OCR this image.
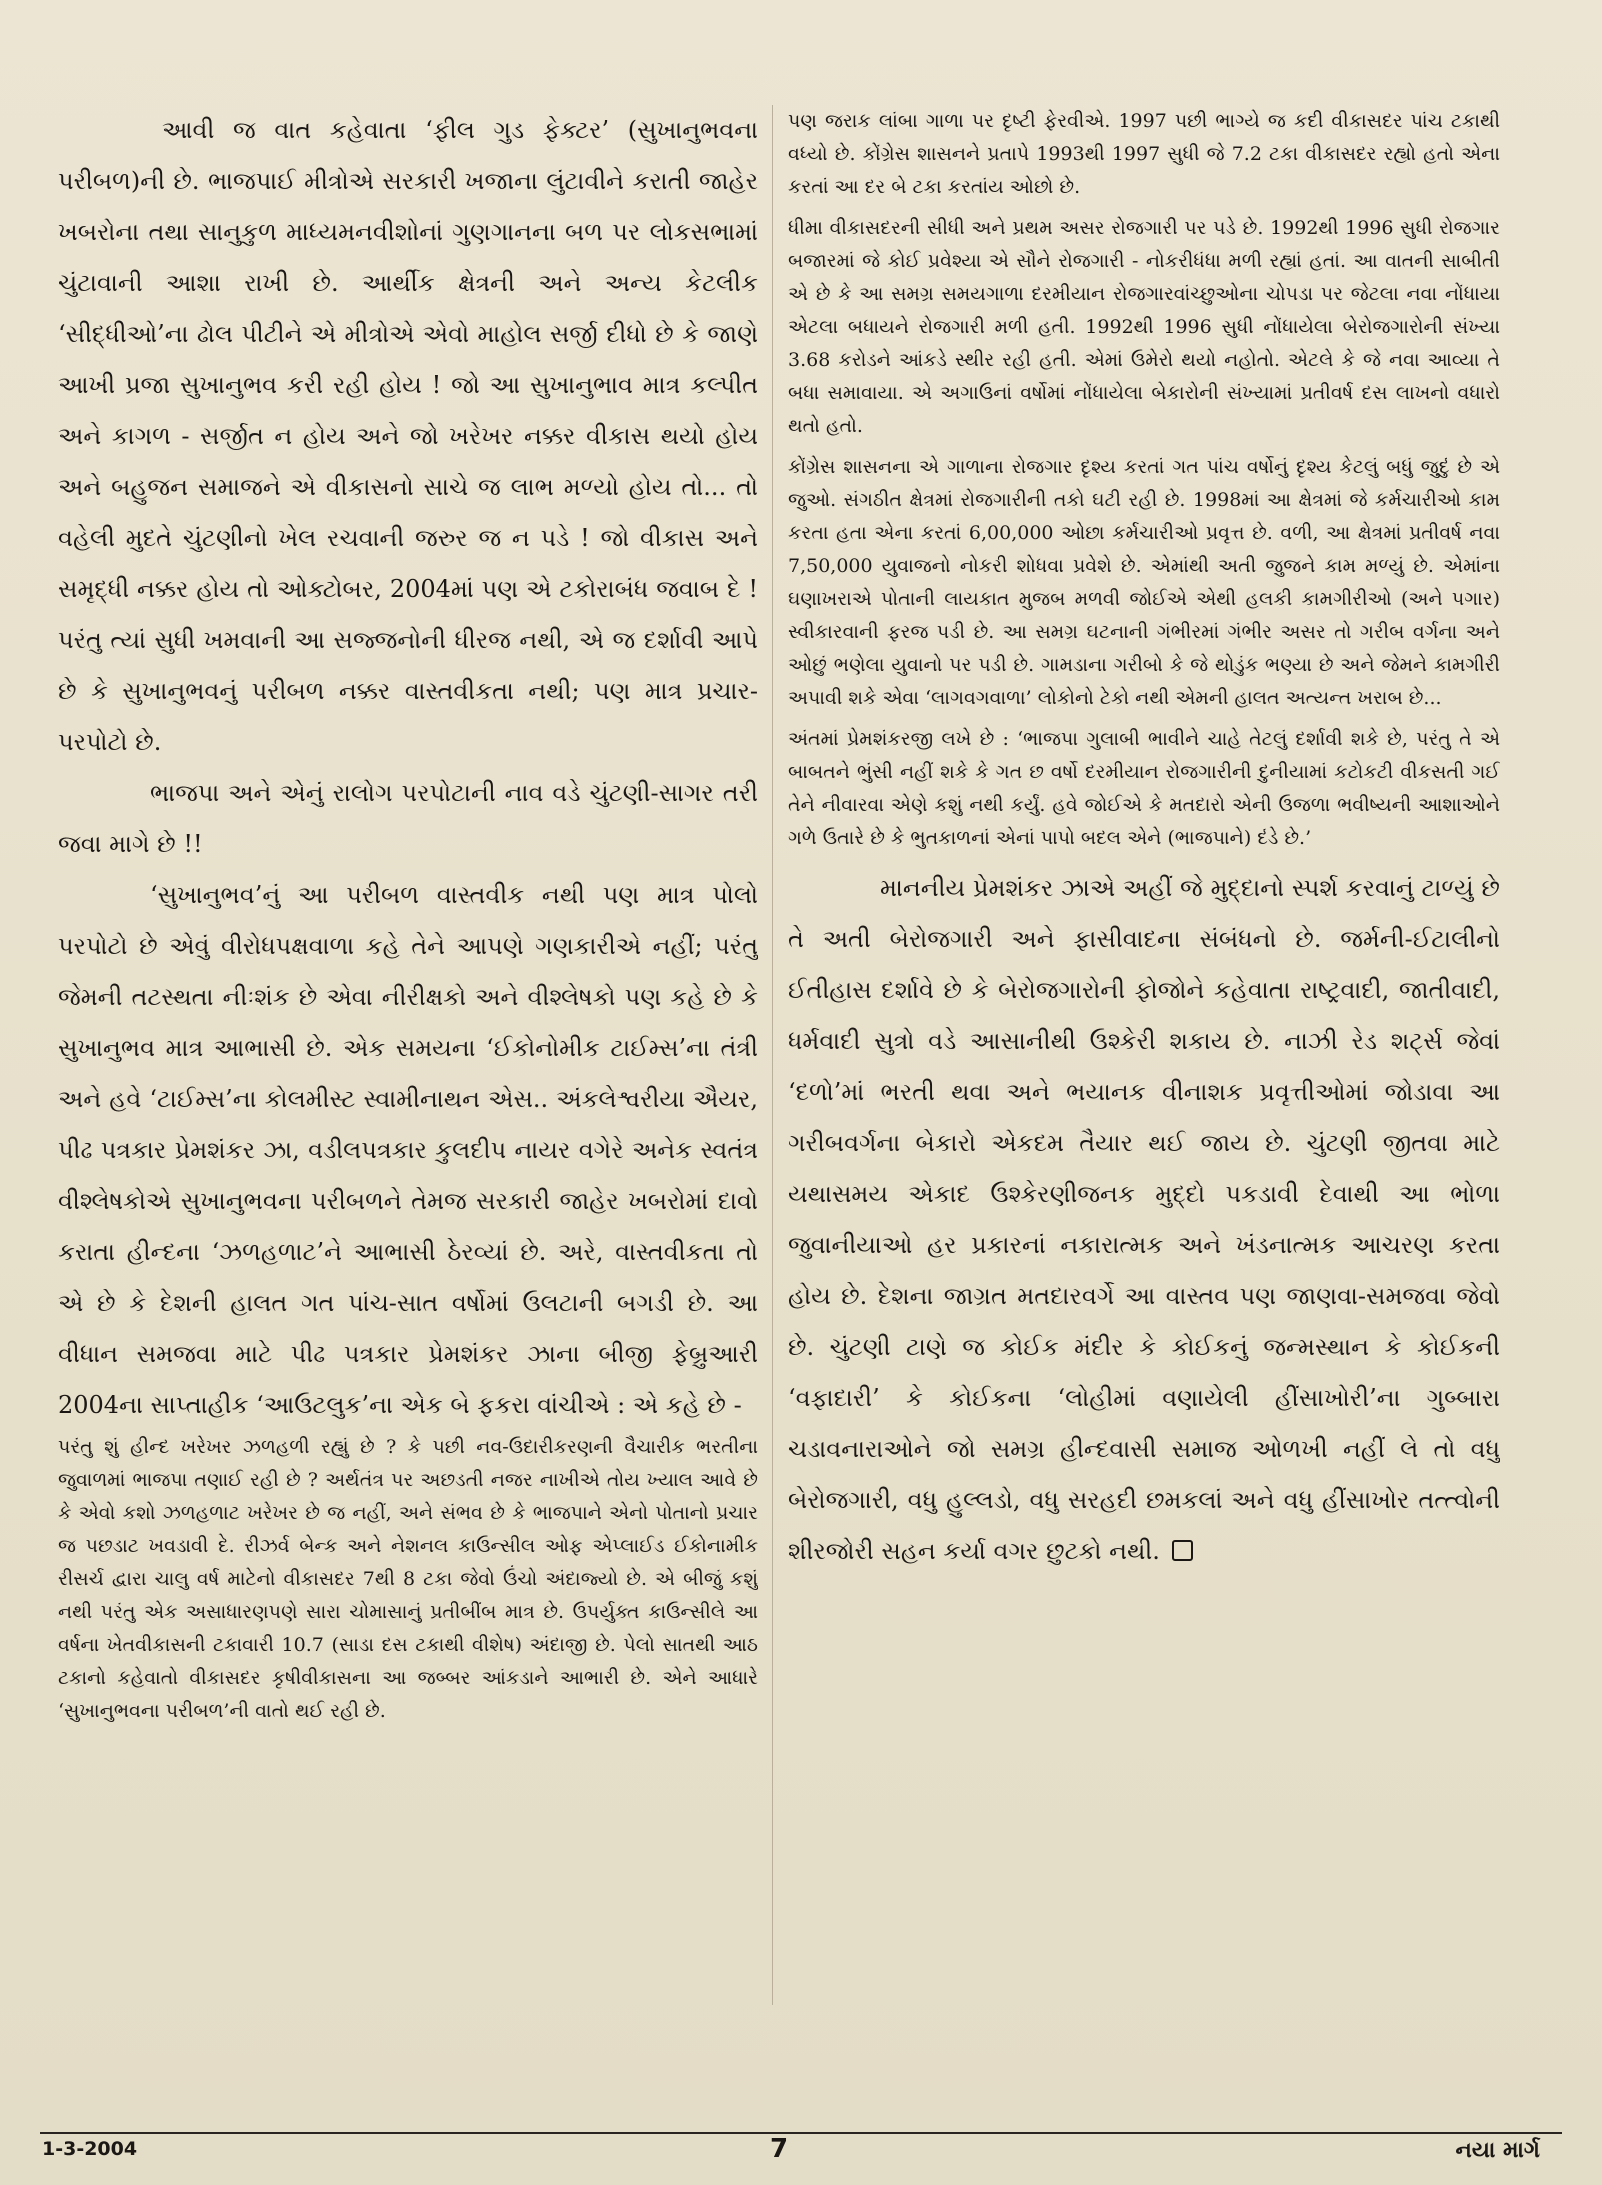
આવી જ વાત કહેવાતા ‘ફીલ ગુડ ફેક્ટર’ (સુખાનુભવના પરીબળ)ની છે. ભાજપાઈ મીત્રોએ સરકારી ખજાના લુંટાવીને કરાતી જાહેર ખબરોના તથા સાનુકુળ માધ્યમનવીશોનાં ગુણગાનના બળ પર લોકસભામાં ચુંટાવાની આશા રાખી છે. આર્થીક ક્ષેત્રની અને અન્ય કેટલીક ‘સીદ્ધીઓ’ના ઢોલ પીટીને એ મીત્રોએ એવો માહોલ સર્જી દીધો છે કે જાણે આખી પ્રજા સુખાનુભવ કરી રહી હોય ! જો આ સુખાનુભાવ માત્ર કલ્પીત અને કાગળ - સર્જીત ન હોય અને જો ખરેખર નક્કર વીકાસ થયો હોય અને બહુજન સમાજને એ વીકાસનો સાચે જ લાભ મળ્યો હોય તો... તો વહેલી મુદતે ચુંટણીનો ખેલ રચવાની જરુર જ ન પડે ! જો વીકાસ અને સમૃદ્ધી નક્કર હોય તો ઓક્ટોબર, 2004માં પણ એ ટકોરાબંધ જવાબ દે ! પરંતુ ત્યાં સુધી ખમવાની આ સજ્જનોની ધીરજ નથી, એ જ દર્શાવી આપે છે કે સુખાનુભવનું પરીબળ નક્કર વાસ્તવીકતા નથી; પણ માત્ર પ્રચાર-પરપોટો છે.

ભાજપા અને એનું રાલોગ પરપોટાની નાવ વડે ચુંટણી-સાગર તરી જવા માગે છે !!

‘સુખાનુભવ’નું આ પરીબળ વાસ્તવીક નથી પણ માત્ર પોલો પરપોટો છે એવું વીરોધપક્ષવાળા કહે તેને આપણે ગણકારીએ નહીં; પરંતુ જેમની તટસ્થતા નીઃશંક છે એવા નીરીક્ષકો અને વીશ્લેષકો પણ કહે છે કે સુખાનુભવ માત્ર આભાસી છે. એક સમયના ‘ઈકોનોમીક ટાઈમ્સ’ના તંત્રી અને હવે ‘ટાઈમ્સ’ના કોલમીસ્ટ સ્વામીનાથન એસ.. અંકલેશ્વરીયા ઐયર, પીઢ પત્રકાર પ્રેમશંકર ઝા, વડીલપત્રકાર કુલદીપ નાયર વગેરે અનેક સ્વતંત્ર વીશ્લેષકોએ સુખાનુભવના પરીબળને તેમજ સરકારી જાહેર ખબરોમાં દાવો કરાતા હીન્દના ‘ઝળહળાટ’ને આભાસી ઠેરવ્યાં છે. અરે, વાસ્તવીકતા તો એ છે કે દેશની હાલત ગત પાંચ-સાત વર્ષોમાં ઉલટાની બગડી છે. આ વીધાન સમજવા માટે પીઢ પત્રકાર પ્રેમશંકર ઝાના બીજી ફેબ્રુઆરી 2004ના સાપ્તાહીક ‘આઉટલુક’ના એક બે ફકરા વાંચીએ : એ કહે છે -

પરંતુ શું હીન્દ ખરેખર ઝળહળી રહ્યું છે ? કે પછી નવ-ઉદારીકરણની વૈચારીક ભરતીના જુવાળમાં ભાજપા તણાઈ રહી છે ? અર્થતંત્ર પર અછડતી નજર નાખીએ તોય ખ્યાલ આવે છે કે એવો કશો ઝળહળાટ ખરેખર છે જ નહીં, અને સંભવ છે કે ભાજપાને એનો પોતાનો પ્રચાર જ પછડાટ ખવડાવી દે. રીઝર્વ બેન્ક અને નેશનલ કાઉન્સીલ ઓફ એપ્લાઈડ ઈકોનામીક રીસર્ચ દ્વારા ચાલુ વર્ષ માટેનો વીકાસદર 7થી 8 ટકા જેવો ઉંચો અંદાજ્યો છે. એ બીજું કશું નથી પરંતુ એક અસાધારણપણે સારા ચોમાસાનું પ્રતીબીંબ માત્ર છે. ઉપર્યુક્ત કાઉન્સીલે આ વર્ષના ખેતવીકાસની ટકાવારી 10.7 (સાડા દસ ટકાથી વીશેષ) અંદાજી છે. પેલો સાતથી આઠ ટકાનો કહેવાતો વીકાસદર કૃષીવીકાસના આ જબ્બર આંકડાને આભારી છે. એને આધારે ‘સુખાનુભવના પરીબળ’ની વાતો થઈ રહી છે.

પણ જરાક લાંબા ગાળા પર દૃષ્ટી ફેરવીએ. 1997 પછી ભાગ્યે જ કદી વીકાસદર પાંચ ટકાથી વધ્યો છે. કોંગ્રેસ શાસનને પ્રતાપે 1993થી 1997 સુધી જે 7.2 ટકા વીકાસદર રહ્યો હતો એના કરતાં આ દર બે ટકા કરતાંય ઓછો છે.

ધીમા વીકાસદરની સીધી અને પ્રથમ અસર રોજગારી પર પડે છે. 1992થી 1996 સુધી રોજગાર બજારમાં જે કોઈ પ્રવેશ્યા એ સૌને રોજગારી - નોકરીધંધા મળી રહ્યાં હતાં. આ વાતની સાબીતી એ છે કે આ સમગ્ર સમયગાળા દરમીયાન રોજગારવાંચ્છુઓના ચોપડા પર જેટલા નવા નોંધાયા એટલા બધાયને રોજગારી મળી હતી. 1992થી 1996 સુધી નોંધાયેલા બેરોજગારોની સંખ્યા 3.68 કરોડને આંકડે સ્થીર રહી હતી. એમાં ઉમેરો થયો નહોતો. એટલે કે જે નવા આવ્યા તે બધા સમાવાયા. એ અગાઉનાં વર્ષોમાં નોંધાયેલા બેકારોની સંખ્યામાં પ્રતીવર્ષ દસ લાખનો વધારો થતો હતો.

કોંગ્રેસ શાસનના એ ગાળાના રોજગાર દૃશ્ય કરતાં ગત પાંચ વર્ષોનું દૃશ્ય કેટલું બધું જુદું છે એ જુઓ. સંગઠીત ક્ષેત્રમાં રોજગારીની તકો ઘટી રહી છે. 1998માં આ ક્ષેત્રમાં જે કર્મચારીઓ કામ કરતા હતા એના કરતાં 6,00,000 ઓછા કર્મચારીઓ પ્રવૃત્ત છે. વળી, આ ક્ષેત્રમાં પ્રતીવર્ષ નવા 7,50,000 યુવાજનો નોકરી શોધવા પ્રવેશે છે. એમાંથી અતી જુજને કામ મળ્યું છે. એમાંના ઘણાખરાએ પોતાની લાયકાત મુજબ મળવી જોઈએ એથી હલકી કામગીરીઓ (અને પગાર) સ્વીકારવાની ફરજ પડી છે. આ સમગ્ર ઘટનાની ગંભીરમાં ગંભીર અસર તો ગરીબ વર્ગના અને ઓછું ભણેલા યુવાનો પર પડી છે. ગામડાના ગરીબો કે જે થોડુંક ભણ્યા છે અને જેમને કામગીરી અપાવી શકે એવા ‘લાગવગવાળા’ લોકોનો ટેકો નથી એમની હાલત અત્યન્ત ખરાબ છે...

અંતમાં પ્રેમશંકરજી લખે છે : ‘ભાજપા ગુલાબી ભાવીને ચાહે તેટલું દર્શાવી શકે છે, પરંતુ તે એ બાબતને ભુંસી નહીં શકે કે ગત છ વર્ષો દરમીયાન રોજગારીની દુનીયામાં કટોકટી વીકસતી ગઈ તેને નીવારવા એણે કશું નથી કર્યું. હવે જોઈએ કે મતદારો એની ઉજળા ભવીષ્યની આશાઓને ગળે ઉતારે છે કે ભુતકાળનાં એનાં પાપો બદલ એને (ભાજપાને) દંડે છે.’

માનનીય પ્રેમશંકર ઝાએ અહીં જે મુદ્દાનો સ્પર્શ કરવાનું ટાળ્યું છે તે અતી બેરોજગારી અને ફાસીવાદના સંબંધનો છે. જર્મની-ઈટાલીનો ઈતીહાસ દર્શાવે છે કે બેરોજગારોની ફોજોને કહેવાતા રાષ્ટ્રવાદી, જાતીવાદી, ધર્મવાદી સુત્રો વડે આસાનીથી ઉશ્કેરી શકાય છે. નાઝી રેડ શર્ટ્સ જેવાં ‘દળો’માં ભરતી થવા અને ભયાનક વીનાશક પ્રવૃત્તીઓમાં જોડાવા આ ગરીબવર્ગના બેકારો એકદમ તૈયાર થઈ જાય છે. ચુંટણી જીતવા માટે યથાસમય એકાદ ઉશ્કેરણીજનક મુદ્દો પકડાવી દેવાથી આ ભોળા જુવાનીયાઓ હર પ્રકારનાં નકારાત્મક અને ખંડનાત્મક આચરણ કરતા હોય છે. દેશના જાગ્રત મતદારવર્ગે આ વાસ્તવ પણ જાણવા-સમજવા જેવો છે. ચુંટણી ટાણે જ કોઈક મંદીર કે કોઈકનું જન્મસ્થાન કે કોઈકની ‘વફાદારી’ કે કોઈકના ‘લોહીમાં વણાયેલી હીંસાખોરી’ના ગુબ્બારા ચડાવનારાઓને જો સમગ્ર હીન્દવાસી સમાજ ઓળખી નહીં લે તો વધુ બેરોજગારી, વધુ હુલ્લડો, વધુ સરહદી છમકલાં અને વધુ હીંસાખોર તત્ત્વોની શીરજોરી સહન કર્યા વગર છુટકો નથી.

1-3-2004	7	નયા માર્ગ
